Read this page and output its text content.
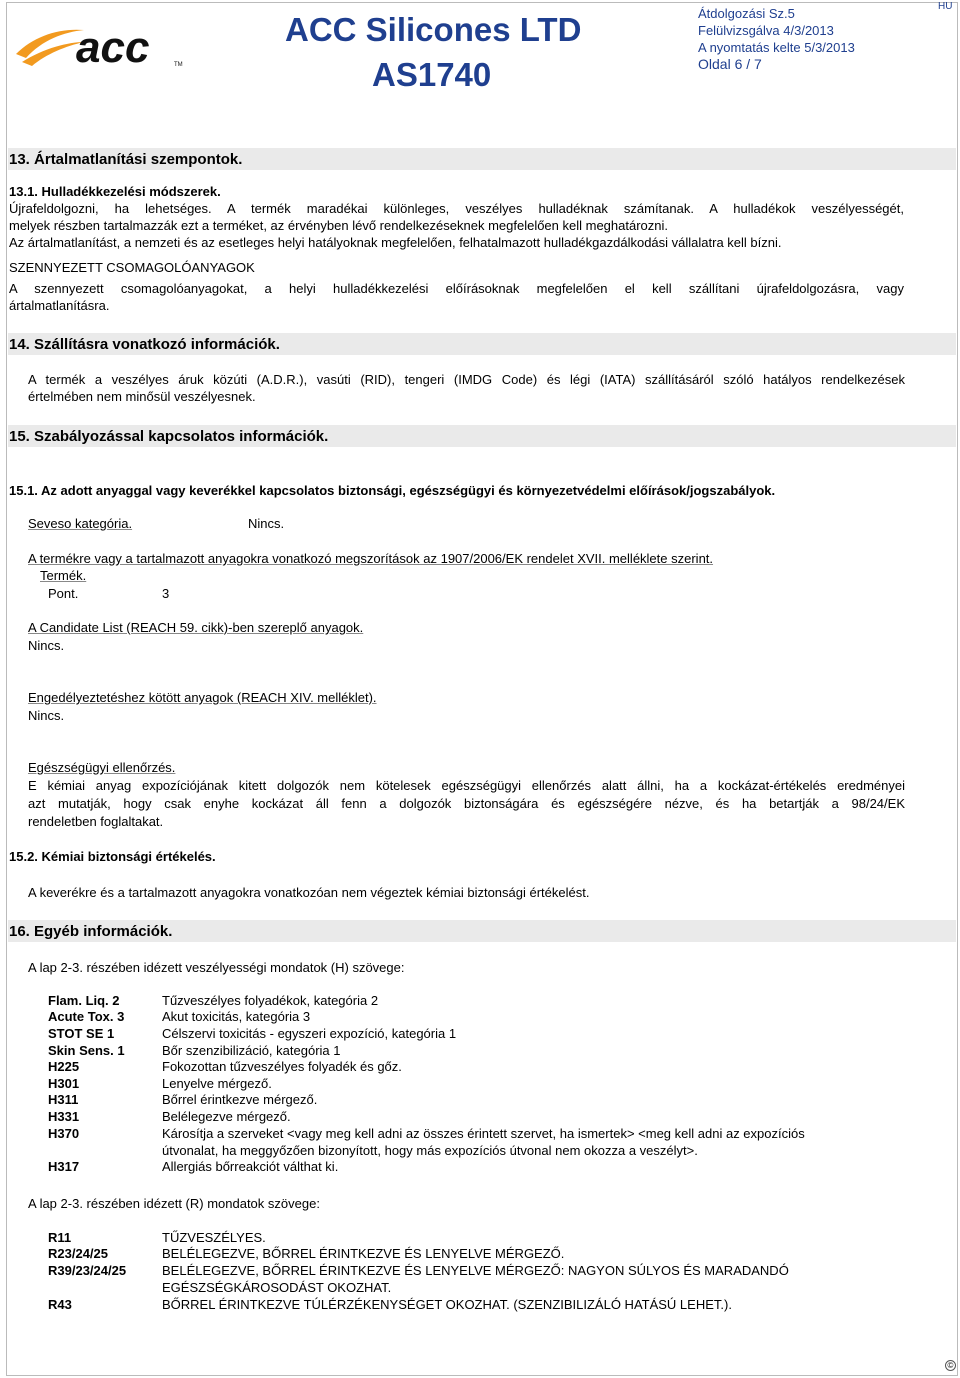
acc	TM
ACC Silicones LTD
AS1740
Átdolgozási Sz.5
Felülvizsgálva 4/3/2013
A nyomtatás kelte 5/3/2013
Oldal 6 / 7
HU
13. Ártalmatlanítási szempontok.
13.1. Hulladékkezelési módszerek.
Újrafeldolgozni, ha lehetséges. A termék maradékai különleges, veszélyes hulladéknak számítanak. A hulladékok veszélyességét,
melyek részben tartalmazzák ezt a terméket, az érvényben lévő rendelkezéseknek megfelelően kell meghatározni.
Az ártalmatlanítást, a nemzeti és az esetleges helyi hatályoknak megfelelően, felhatalmazott hulladékgazdálkodási vállalatra kell bízni.
SZENNYEZETT CSOMAGOLÓANYAGOK
A szennyezett csomagolóanyagokat, a helyi hulladékkezelési előírásoknak megfelelően el kell szállítani újrafeldolgozásra, vagy
ártalmatlanításra.
14. Szállításra vonatkozó információk.
A termék a veszélyes áruk közúti (A.D.R.), vasúti (RID), tengeri (IMDG Code) és légi (IATA) szállításáról szóló hatályos rendelkezések
értelmében nem minősül veszélyesnek.
15. Szabályozással kapcsolatos információk.
15.1. Az adott anyaggal vagy keverékkel kapcsolatos biztonsági, egészségügyi és környezetvédelmi előírások/jogszabályok.
Seveso kategória.	Nincs.
A termékre vagy a tartalmazott anyagokra vonatkozó megszorítások az 1907/2006/EK rendelet XVII. melléklete szerint.
Termék.
Pont.	3
A Candidate List (REACH 59. cikk)-ben szereplő anyagok.
Nincs.
Engedélyeztetéshez kötött anyagok (REACH XIV. melléklet).
Nincs.
Egészségügyi ellenőrzés.
E kémiai anyag expozíciójának kitett dolgozók nem kötelesek egészségügyi ellenőrzés alatt állni, ha a kockázat-értékelés eredményei
azt mutatják, hogy csak enyhe kockázat áll fenn a dolgozók biztonságára és egészségére nézve, és ha betartják a 98/24/EK
rendeletben foglaltakat.
15.2. Kémiai biztonsági értékelés.
A keverékre és a tartalmazott anyagokra vonatkozóan nem végeztek kémiai biztonsági értékelést.
16. Egyéb információk.
A lap 2-3. részében idézett veszélyességi mondatok (H) szövege:
Flam. Liq. 2	Tűzveszélyes folyadékok, kategória 2
Acute Tox. 3	Akut toxicitás, kategória 3
STOT SE 1	Célszervi toxicitás - egyszeri expozíció, kategória 1
Skin Sens. 1	Bőr szenzibilizáció, kategória 1
H225	Fokozottan tűzveszélyes folyadék és gőz.
H301	Lenyelve mérgező.
H311	Bőrrel érintkezve mérgező.
H331	Belélegezve mérgező.
H370	Károsítja a szerveket <vagy meg kell adni az összes érintett szervet, ha ismertek> <meg kell adni az expozíciós
útvonalat, ha meggyőzően bizonyított, hogy más expozíciós útvonal nem okozza a veszélyt>.
H317	Allergiás bőrreakciót válthat ki.
A lap 2-3. részében idézett (R) mondatok szövege:
R11	TŰZVESZÉLYES.
R23/24/25	BELÉLEGEZVE, BŐRREL ÉRINTKEZVE ÉS LENYELVE MÉRGEZŐ.
R39/23/24/25	BELÉLEGEZVE, BŐRREL ÉRINTKEZVE ÉS LENYELVE MÉRGEZŐ: NAGYON SÚLYOS ÉS MARADANDÓ
EGÉSZSÉGKÁROSODÁST OKOZHAT.
R43	BŐRREL ÉRINTKEZVE TÚLÉRZÉKENYSÉGET OKOZHAT. (SZENZIBILIZÁLÓ HATÁSÚ LEHET.).
©
